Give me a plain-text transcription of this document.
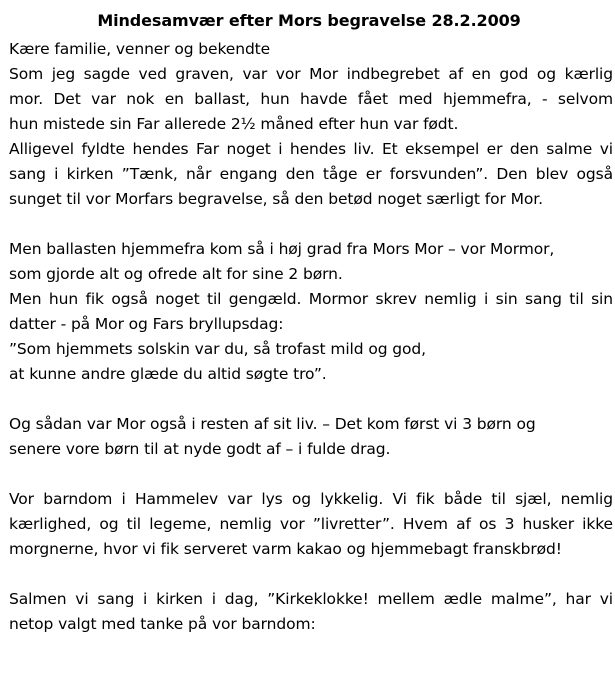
Mindesamvær efter Mors begravelse 28.2.2009
Kære familie, venner og bekendte
Som jeg sagde ved graven, var vor Mor indbegrebet af en god og kærlig
mor. Det var nok en ballast, hun havde fået med hjemmefra, - selvom
hun mistede sin Far allerede 2½ måned efter hun var født.
Alligevel fyldte hendes Far noget i hendes liv. Et eksempel er den salme vi
sang i kirken ”Tænk, når engang den tåge er forsvunden”. Den blev også
sunget til vor Morfars begravelse, så den betød noget særligt for Mor.
Men ballasten hjemmefra kom så i høj grad fra Mors Mor – vor Mormor,
som gjorde alt og ofrede alt for sine 2 børn.
Men hun fik også noget til gengæld. Mormor skrev nemlig i sin sang til sin
datter - på Mor og Fars bryllupsdag:
”Som hjemmets solskin var du, så trofast mild og god,
at kunne andre glæde du altid søgte tro”.
Og sådan var Mor også i resten af sit liv. – Det kom først vi 3 børn og
senere vore børn til at nyde godt af – i fulde drag.
Vor barndom i Hammelev var lys og lykkelig. Vi fik både til sjæl, nemlig
kærlighed, og til legeme, nemlig vor ”livretter”. Hvem af os 3 husker ikke
morgnerne, hvor vi fik serveret varm kakao og hjemmebagt franskbrød!
Salmen vi sang i kirken i dag, ”Kirkeklokke! mellem ædle malme”, har vi
netop valgt med tanke på vor barndom:
